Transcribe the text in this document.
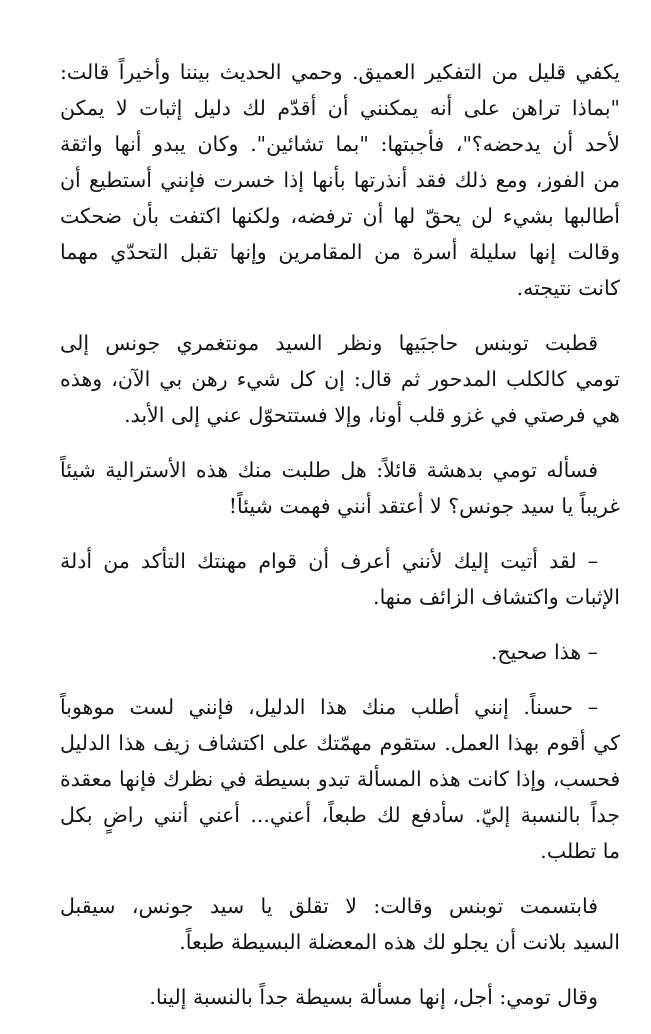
يكفي قليل من التفكير العميق. وحمي الحديث بيننا وأخيراً قالت:
"بماذا تراهن على أنه يمكنني أن أقدّم لك دليل إثبات لا يمكن
لأحد أن يدحضه؟"، فأجبتها: "بما تشائين". وكان يبدو أنها واثقة
من الفوز، ومع ذلك فقد أنذرتها بأنها إذا خسرت فإنني أستطيع أن
أطالبها بشيء لن يحقّ لها أن ترفضه، ولكنها اكتفت بأن ضحكت
وقالت إنها سليلة أسرة من المقامرين وإنها تقبل التحدّي مهما
كانت نتيجته.
قطبت توبنس حاجبَيها ونظر السيد مونتغمري جونس إلى
تومي كالكلب المدحور ثم قال: إن كل شيء رهن بي الآن، وهذه
هي فرصتي في غزو قلب أونا، وإلا فستتحوّل عني إلى الأبد.
فسأله تومي بدهشة قائلاً: هل طلبت منك هذه الأسترالية شيئاً
غريباً يا سيد جونس؟ لا أعتقد أنني فهمت شيئاً!
– لقد أتيت إليك لأنني أعرف أن قوام مهنتك التأكد من أدلة
الإثبات واكتشاف الزائف منها.
– هذا صحيح.
– حسناً. إنني أطلب منك هذا الدليل، فإنني لست موهوباً
كي أقوم بهذا العمل. ستقوم مهمّتك على اكتشاف زيف هذا الدليل
فحسب، وإذا كانت هذه المسألة تبدو بسيطة في نظرك فإنها معقدة
جداً بالنسبة إليّ. سأدفع لك طبعاً، أعني... أعني أنني راضٍ بكل
ما تطلب.
فابتسمت توبنس وقالت: لا تقلق يا سيد جونس، سيقبل
السيد بلانت أن يجلو لك هذه المعضلة البسيطة طبعاً.
وقال تومي: أجل، إنها مسألة بسيطة جداً بالنسبة إلينا.
